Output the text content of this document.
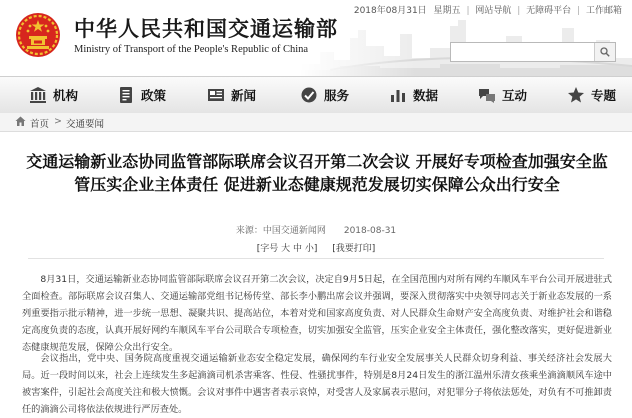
2018年08月31日 星期五 | 网站导航 | 无障碍平台 | 工作邮箱
中华人民共和国交通运输部
Ministry of Transport of the People's Republic of China
机构	政策	新闻	服务	数据	互动	专题
首页 > 交通要闻
交通运输新业态协同监管部际联席会议召开第二次会议 开展好专项检查加强安全监管压实企业主体责任 促进新业态健康规范发展切实保障公众出行安全
来源：中国交通新闻网　　2018-08-31
[字号 大 中 小] [我要打印]

8月31日，交通运输新业态协同监管部际联席会议召开第二次会议，决定自9月5日起，在全国范围内对所有网约车顺风车平台公司开展进驻式全面检查。部际联席会议召集人、交通运输部党组书记杨传堂、部长李小鹏出席会议并强调，要深入贯彻落实中央领导同志关于新业态发展的一系列重要指示批示精神，进一步统一思想、凝聚共识、提高站位，本着对党和国家高度负责、对人民群众生命财产安全高度负责、对维护社会和谐稳定高度负责的态度，认真开展好网约车顺风车平台公司联合专项检查，切实加强安全监管，压实企业安全主体责任，强化整改落实，更好促进新业态健康规范发展，保障公众出行安全。

会议指出，党中央、国务院高度重视交通运输新业态安全稳定发展，确保网约车行业安全发展事关人民群众切身利益、事关经济社会发展大局。近一段时间以来，社会上连续发生多起滴滴司机杀害乘客、性侵、性骚扰事件，特别是8月24日发生的浙江温州乐清女孩乘坐滴滴顺风车途中被害案件，引起社会高度关注和极大愤慨。会议对事件中遇害者表示哀悼，对受害人及家属表示慰问，对犯罪分子将依法惩处，对负有不可推卸责任的滴滴公司将依法依规进行严厉查处。
